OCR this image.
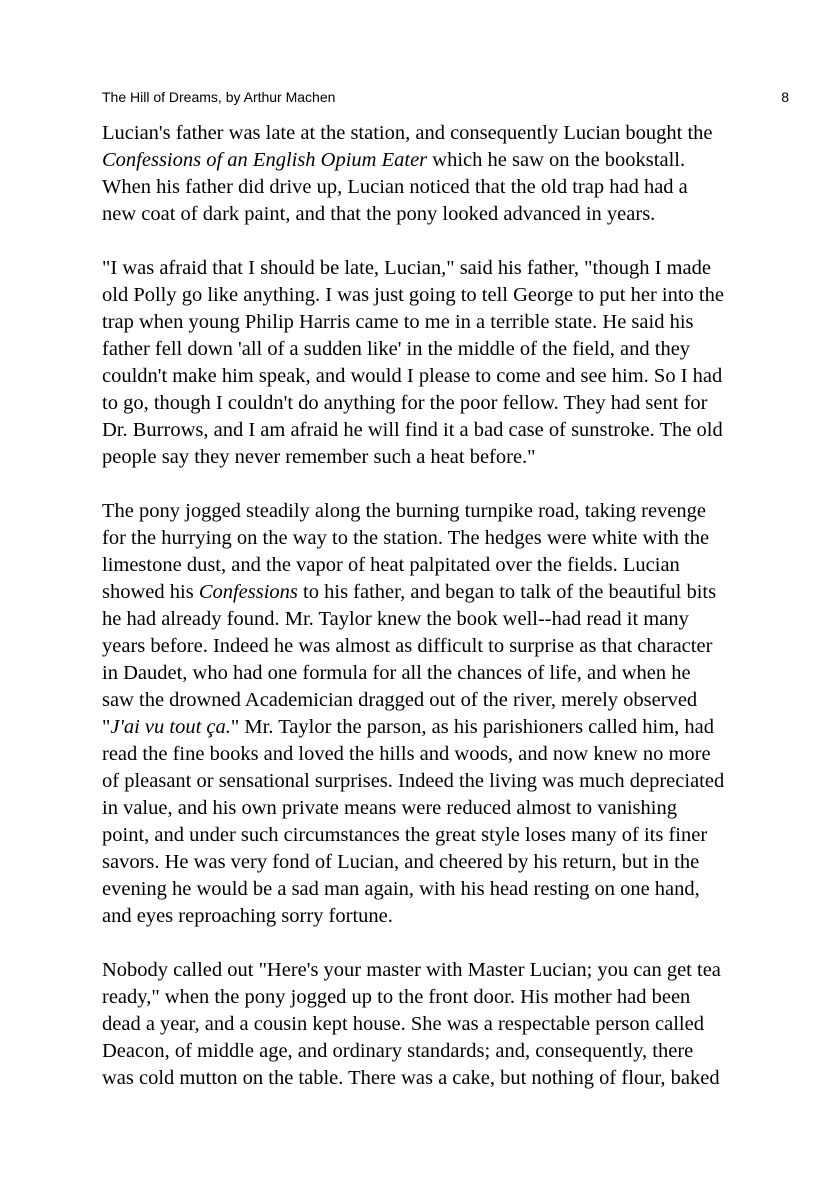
The Hill of Dreams, by Arthur Machen	8
Lucian's father was late at the station, and consequently Lucian bought the
Confessions of an English Opium Eater which he saw on the bookstall.
When his father did drive up, Lucian noticed that the old trap had had a
new coat of dark paint, and that the pony looked advanced in years.
"I was afraid that I should be late, Lucian," said his father, "though I made
old Polly go like anything. I was just going to tell George to put her into the
trap when young Philip Harris came to me in a terrible state. He said his
father fell down 'all of a sudden like' in the middle of the field, and they
couldn't make him speak, and would I please to come and see him. So I had
to go, though I couldn't do anything for the poor fellow. They had sent for
Dr. Burrows, and I am afraid he will find it a bad case of sunstroke. The old
people say they never remember such a heat before."
The pony jogged steadily along the burning turnpike road, taking revenge
for the hurrying on the way to the station. The hedges were white with the
limestone dust, and the vapor of heat palpitated over the fields. Lucian
showed his Confessions to his father, and began to talk of the beautiful bits
he had already found. Mr. Taylor knew the book well--had read it many
years before. Indeed he was almost as difficult to surprise as that character
in Daudet, who had one formula for all the chances of life, and when he
saw the drowned Academician dragged out of the river, merely observed
"J'ai vu tout ça." Mr. Taylor the parson, as his parishioners called him, had
read the fine books and loved the hills and woods, and now knew no more
of pleasant or sensational surprises. Indeed the living was much depreciated
in value, and his own private means were reduced almost to vanishing
point, and under such circumstances the great style loses many of its finer
savors. He was very fond of Lucian, and cheered by his return, but in the
evening he would be a sad man again, with his head resting on one hand,
and eyes reproaching sorry fortune.
Nobody called out "Here's your master with Master Lucian; you can get tea
ready," when the pony jogged up to the front door. His mother had been
dead a year, and a cousin kept house. She was a respectable person called
Deacon, of middle age, and ordinary standards; and, consequently, there
was cold mutton on the table. There was a cake, but nothing of flour, baked
